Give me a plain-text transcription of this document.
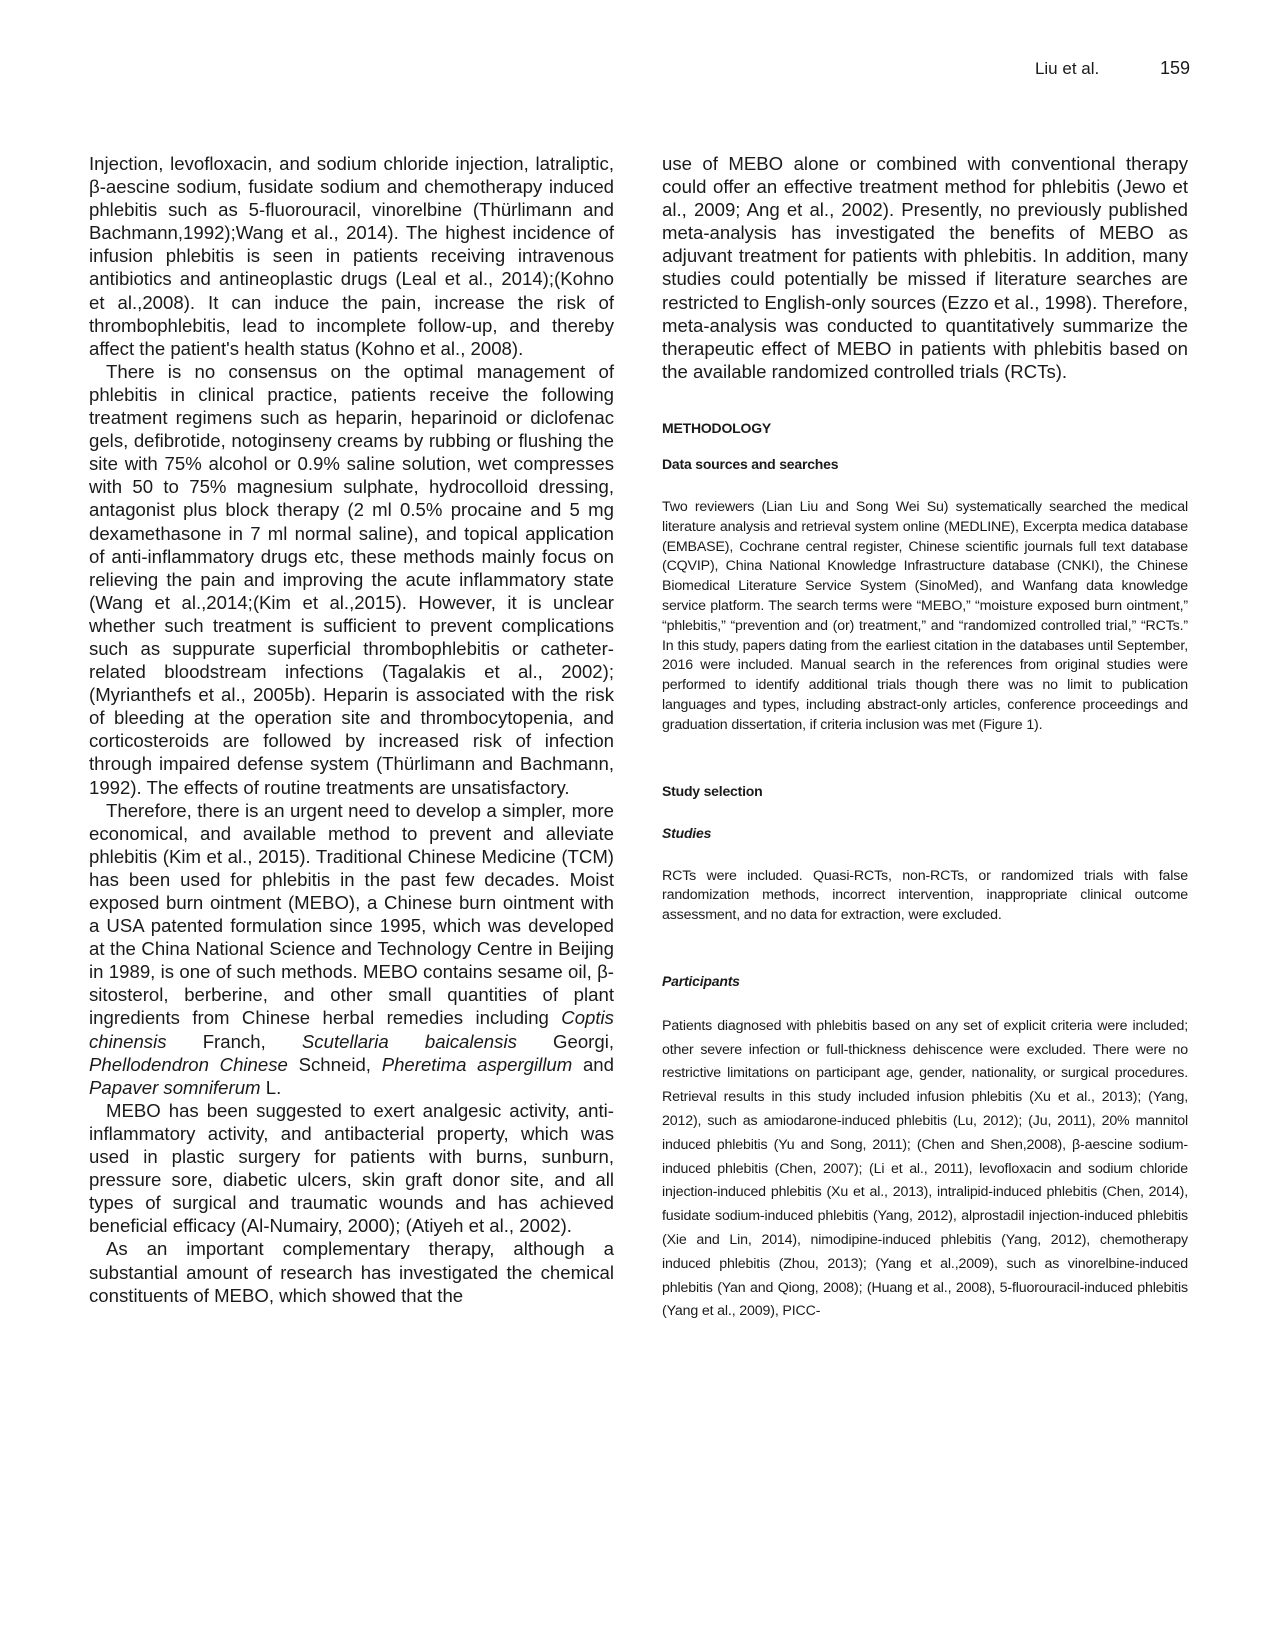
Liu et al.	159

Injection, levofloxacin, and sodium chloride injection, latraliptic, β-aescine sodium, fusidate sodium and chemotherapy induced phlebitis such as 5-fluorouracil, vinorelbine (Thürlimann and Bachmann,1992);Wang et al., 2014). The highest incidence of infusion phlebitis is seen in patients receiving intravenous antibiotics and antineoplastic drugs (Leal et al., 2014);(Kohno et al.,2008). It can induce the pain, increase the risk of thrombophlebitis, lead to incomplete follow-up, and thereby affect the patient's health status (Kohno et al., 2008).

There is no consensus on the optimal management of phlebitis in clinical practice, patients receive the following treatment regimens such as heparin, heparinoid or diclofenac gels, defibrotide, notoginseny creams by rubbing or flushing the site with 75% alcohol or 0.9% saline solution, wet compresses with 50 to 75% magnesium sulphate, hydrocolloid dressing, antagonist plus block therapy (2 ml 0.5% procaine and 5 mg dexamethasone in 7 ml normal saline), and topical application of anti-inflammatory drugs etc, these methods mainly focus on relieving the pain and improving the acute inflammatory state (Wang et al.,2014;(Kim et al.,2015). However, it is unclear whether such treatment is sufficient to prevent complications such as suppurate superficial thrombophlebitis or catheter-related bloodstream infections (Tagalakis et al., 2002); (Myrianthefs et al., 2005b). Heparin is associated with the risk of bleeding at the operation site and thrombocytopenia, and corticosteroids are followed by increased risk of infection through impaired defense system (Thürlimann and Bachmann, 1992). The effects of routine treatments are unsatisfactory.

Therefore, there is an urgent need to develop a simpler, more economical, and available method to prevent and alleviate phlebitis (Kim et al., 2015). Traditional Chinese Medicine (TCM) has been used for phlebitis in the past few decades. Moist exposed burn ointment (MEBO), a Chinese burn ointment with a USA patented formulation since 1995, which was developed at the China National Science and Technology Centre in Beijing in 1989, is one of such methods. MEBO contains sesame oil, β-sitosterol, berberine, and other small quantities of plant ingredients from Chinese herbal remedies including Coptis chinensis Franch, Scutellaria baicalensis Georgi, Phellodendron Chinese Schneid, Pheretima aspergillum and Papaver somniferum L.

MEBO has been suggested to exert analgesic activity, anti-inflammatory activity, and antibacterial property, which was used in plastic surgery for patients with burns, sunburn, pressure sore, diabetic ulcers, skin graft donor site, and all types of surgical and traumatic wounds and has achieved beneficial efficacy (Al-Numairy, 2000); (Atiyeh et al., 2002).

As an important complementary therapy, although a substantial amount of research has investigated the chemical constituents of MEBO, which showed that the

use of MEBO alone or combined with conventional therapy could offer an effective treatment method for phlebitis (Jewo et al., 2009; Ang et al., 2002). Presently, no previously published meta-analysis has investigated the benefits of MEBO as adjuvant treatment for patients with phlebitis. In addition, many studies could potentially be missed if literature searches are restricted to English-only sources (Ezzo et al., 1998). Therefore, meta-analysis was conducted to quantitatively summarize the therapeutic effect of MEBO in patients with phlebitis based on the available randomized controlled trials (RCTs).

METHODOLOGY
Data sources and searches

Two reviewers (Lian Liu and Song Wei Su) systematically searched the medical literature analysis and retrieval system online (MEDLINE), Excerpta medica database (EMBASE), Cochrane central register, Chinese scientific journals full text database (CQVIP), China National Knowledge Infrastructure database (CNKI), the Chinese Biomedical Literature Service System (SinoMed), and Wanfang data knowledge service platform. The search terms were “MEBO,” “moisture exposed burn ointment,” “phlebitis,” “prevention and (or) treatment,” and “randomized controlled trial,” “RCTs.” In this study, papers dating from the earliest citation in the databases until September, 2016 were included. Manual search in the references from original studies were performed to identify additional trials though there was no limit to publication languages and types, including abstract-only articles, conference proceedings and graduation dissertation, if criteria inclusion was met (Figure 1).

Study selection
Studies

RCTs were included. Quasi-RCTs, non-RCTs, or randomized trials with false randomization methods, incorrect intervention, inappropriate clinical outcome assessment, and no data for extraction, were excluded.

Participants

Patients diagnosed with phlebitis based on any set of explicit criteria were included; other severe infection or full-thickness dehiscence were excluded. There were no restrictive limitations on participant age, gender, nationality, or surgical procedures. Retrieval results in this study included infusion phlebitis (Xu et al., 2013); (Yang, 2012), such as amiodarone-induced phlebitis (Lu, 2012); (Ju, 2011), 20% mannitol induced phlebitis (Yu and Song, 2011); (Chen and Shen,2008), β-aescine sodium-induced phlebitis (Chen, 2007); (Li et al., 2011), levofloxacin and sodium chloride injection-induced phlebitis (Xu et al., 2013), intralipid-induced phlebitis (Chen, 2014), fusidate sodium-induced phlebitis (Yang, 2012), alprostadil injection-induced phlebitis (Xie and Lin, 2014), nimodipine-induced phlebitis (Yang, 2012), chemotherapy induced phlebitis (Zhou, 2013); (Yang et al.,2009), such as vinorelbine-induced phlebitis (Yan and Qiong, 2008); (Huang et al., 2008), 5-fluorouracil-induced phlebitis (Yang et al., 2009), PICC-
